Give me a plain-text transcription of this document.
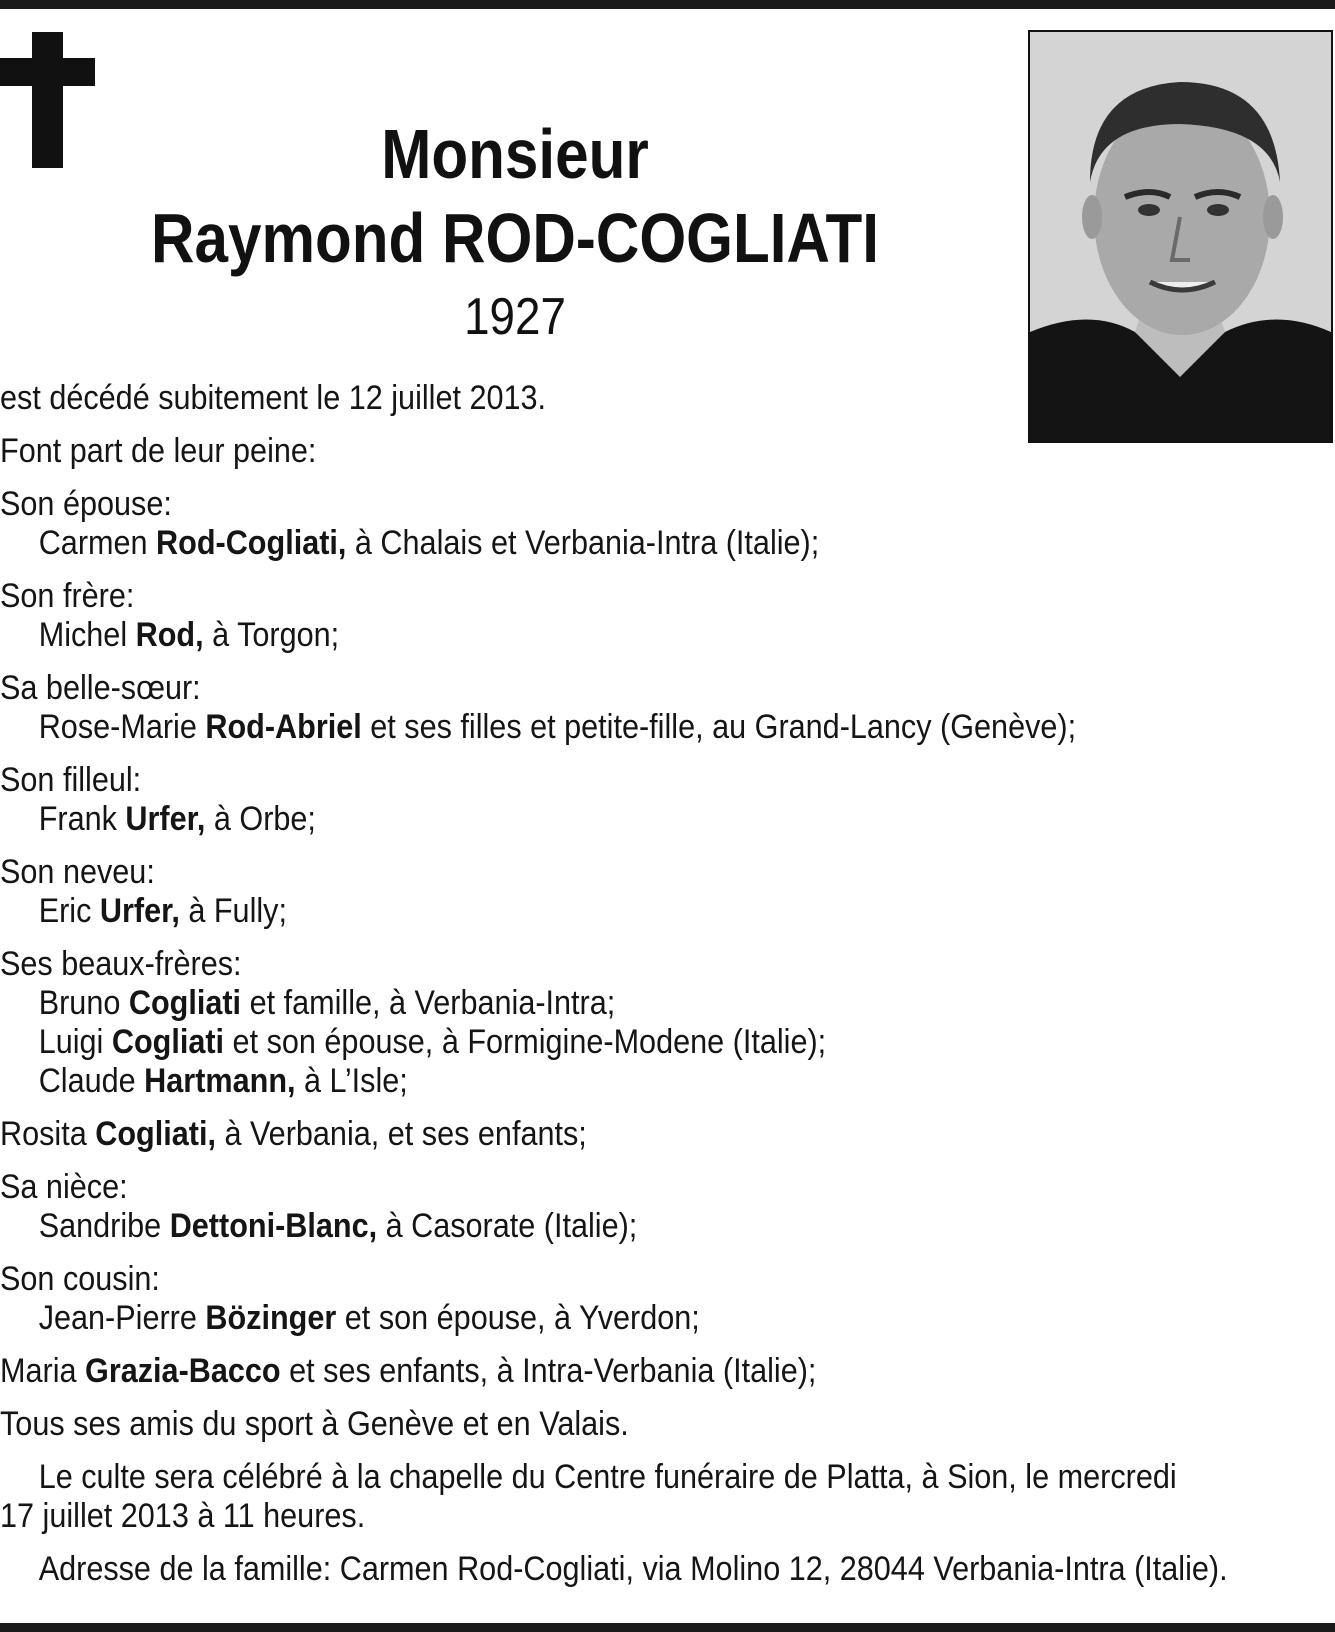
Monsieur
Raymond ROD-COGLIATI
1927
est décédé subitement le 12 juillet 2013.
Font part de leur peine:
Son épouse:
Carmen Rod-Cogliati, à Chalais et Verbania-Intra (Italie);
Son frère:
Michel Rod, à Torgon;
Sa belle-sœur:
Rose-Marie Rod-Abriel et ses filles et petite-fille, au Grand-Lancy (Genève);
Son filleul:
Frank Urfer, à Orbe;
Son neveu:
Eric Urfer, à Fully;
Ses beaux-frères:
Bruno Cogliati et famille, à Verbania-Intra;
Luigi Cogliati et son épouse, à Formigine-Modene (Italie);
Claude Hartmann, à L’Isle;
Rosita Cogliati, à Verbania, et ses enfants;
Sa nièce:
Sandribe Dettoni-Blanc, à Casorate (Italie);
Son cousin:
Jean-Pierre Bözinger et son épouse, à Yverdon;
Maria Grazia-Bacco et ses enfants, à Intra-Verbania (Italie);
Tous ses amis du sport à Genève et en Valais.
Le culte sera célébré à la chapelle du Centre funéraire de Platta, à Sion, le mercredi
17 juillet 2013 à 11 heures.
Adresse de la famille: Carmen Rod-Cogliati, via Molino 12, 28044 Verbania-Intra (Italie).
